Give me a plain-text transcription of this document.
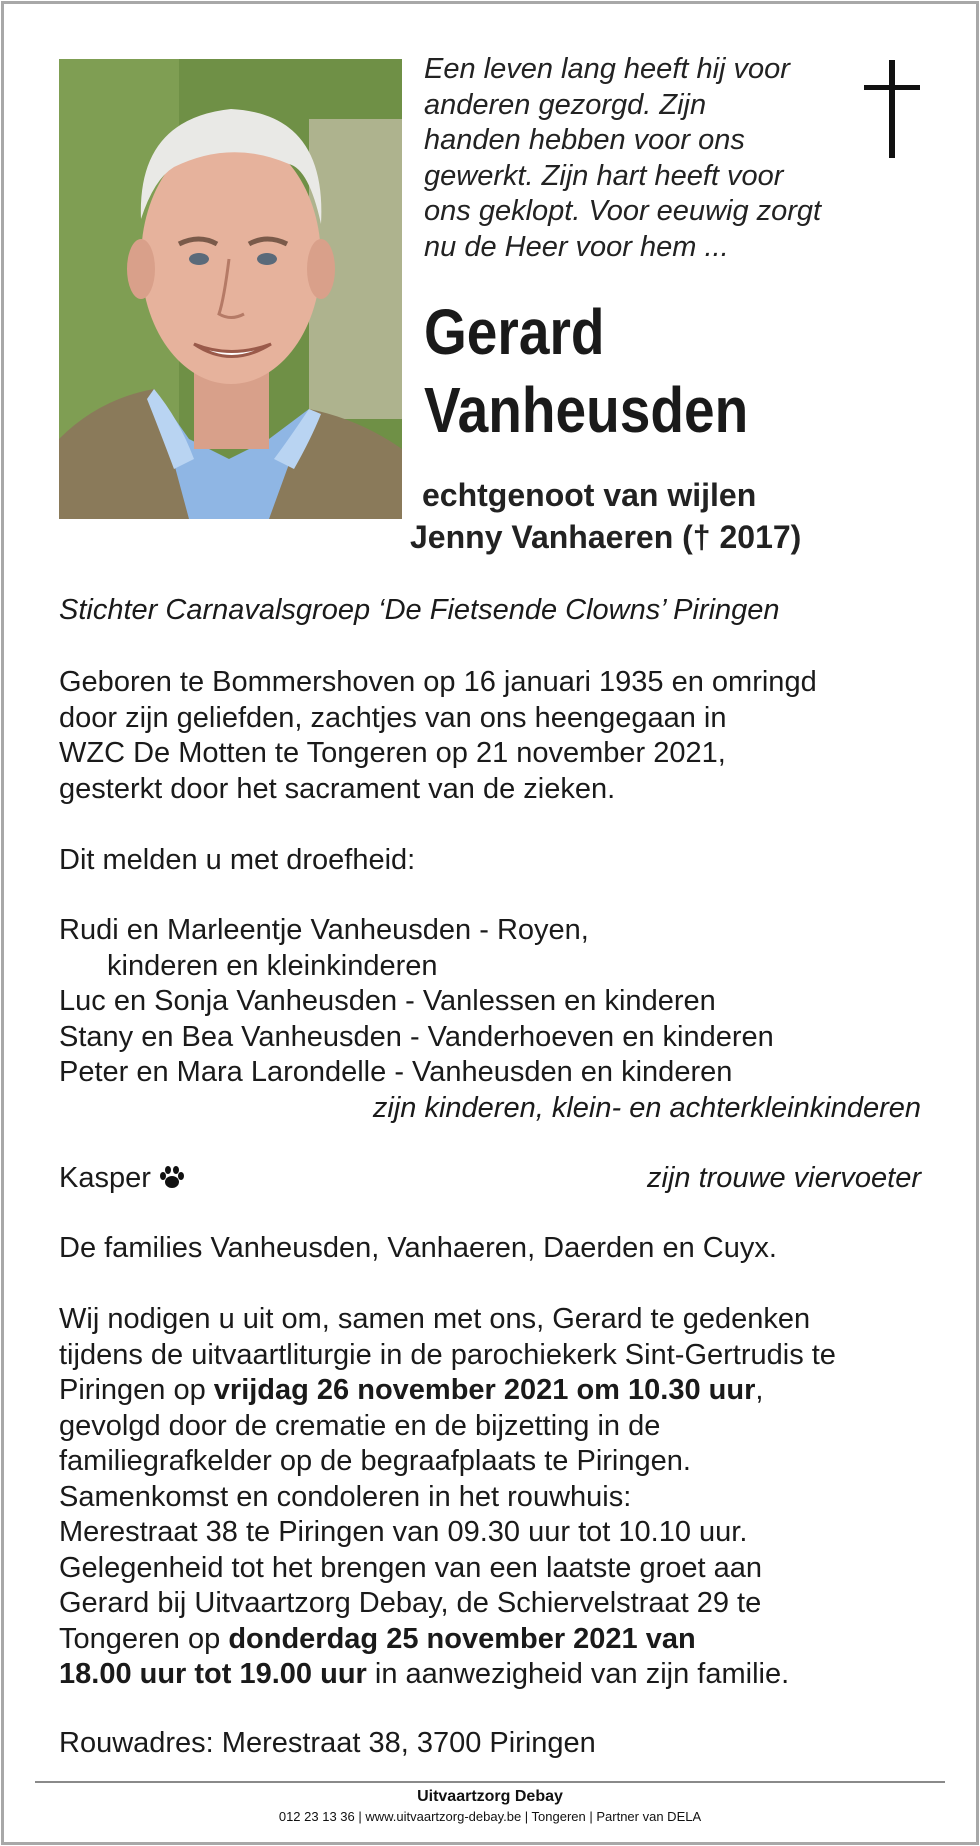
Een leven lang heeft hij voor
anderen gezorgd. Zijn
handen hebben voor ons
gewerkt. Zijn hart heeft voor
ons geklopt. Voor eeuwig zorgt
nu de Heer voor hem ...
Gerard
Vanheusden
echtgenoot van wijlen
Jenny Vanhaeren († 2017)
Stichter Carnavalsgroep ‘De Fietsende Clowns’ Piringen
Geboren te Bommershoven op 16 januari 1935 en omringd
door zijn geliefden, zachtjes van ons heengegaan in
WZC De Motten te Tongeren op 21 november 2021,
gesterkt door het sacrament van de zieken.
Dit melden u met droefheid:
Rudi en Marleentje Vanheusden - Royen,
kinderen en kleinkinderen
Luc en Sonja Vanheusden - Vanlessen en kinderen
Stany en Bea Vanheusden - Vanderhoeven en kinderen
Peter en Mara Larondelle - Vanheusden en kinderen
zijn kinderen, klein- en achterkleinkinderen
Kasper	zijn trouwe viervoeter
De families Vanheusden, Vanhaeren, Daerden en Cuyx.
Wij nodigen u uit om, samen met ons, Gerard te gedenken
tijdens de uitvaartliturgie in de parochiekerk Sint-Gertrudis te
Piringen op vrijdag 26 november 2021 om 10.30 uur,
gevolgd door de crematie en de bijzetting in de
familiegrafkelder op de begraafplaats te Piringen.
Samenkomst en condoleren in het rouwhuis:
Merestraat 38 te Piringen van 09.30 uur tot 10.10 uur.
Gelegenheid tot het brengen van een laatste groet aan
Gerard bij Uitvaartzorg Debay, de Schiervelstraat 29 te
Tongeren op donderdag 25 november 2021 van
18.00 uur tot 19.00 uur in aanwezigheid van zijn familie.
Rouwadres: Merestraat 38, 3700 Piringen
Uitvaartzorg Debay
012 23 13 36 | www.uitvaartzorg-debay.be | Tongeren | Partner van DELA
